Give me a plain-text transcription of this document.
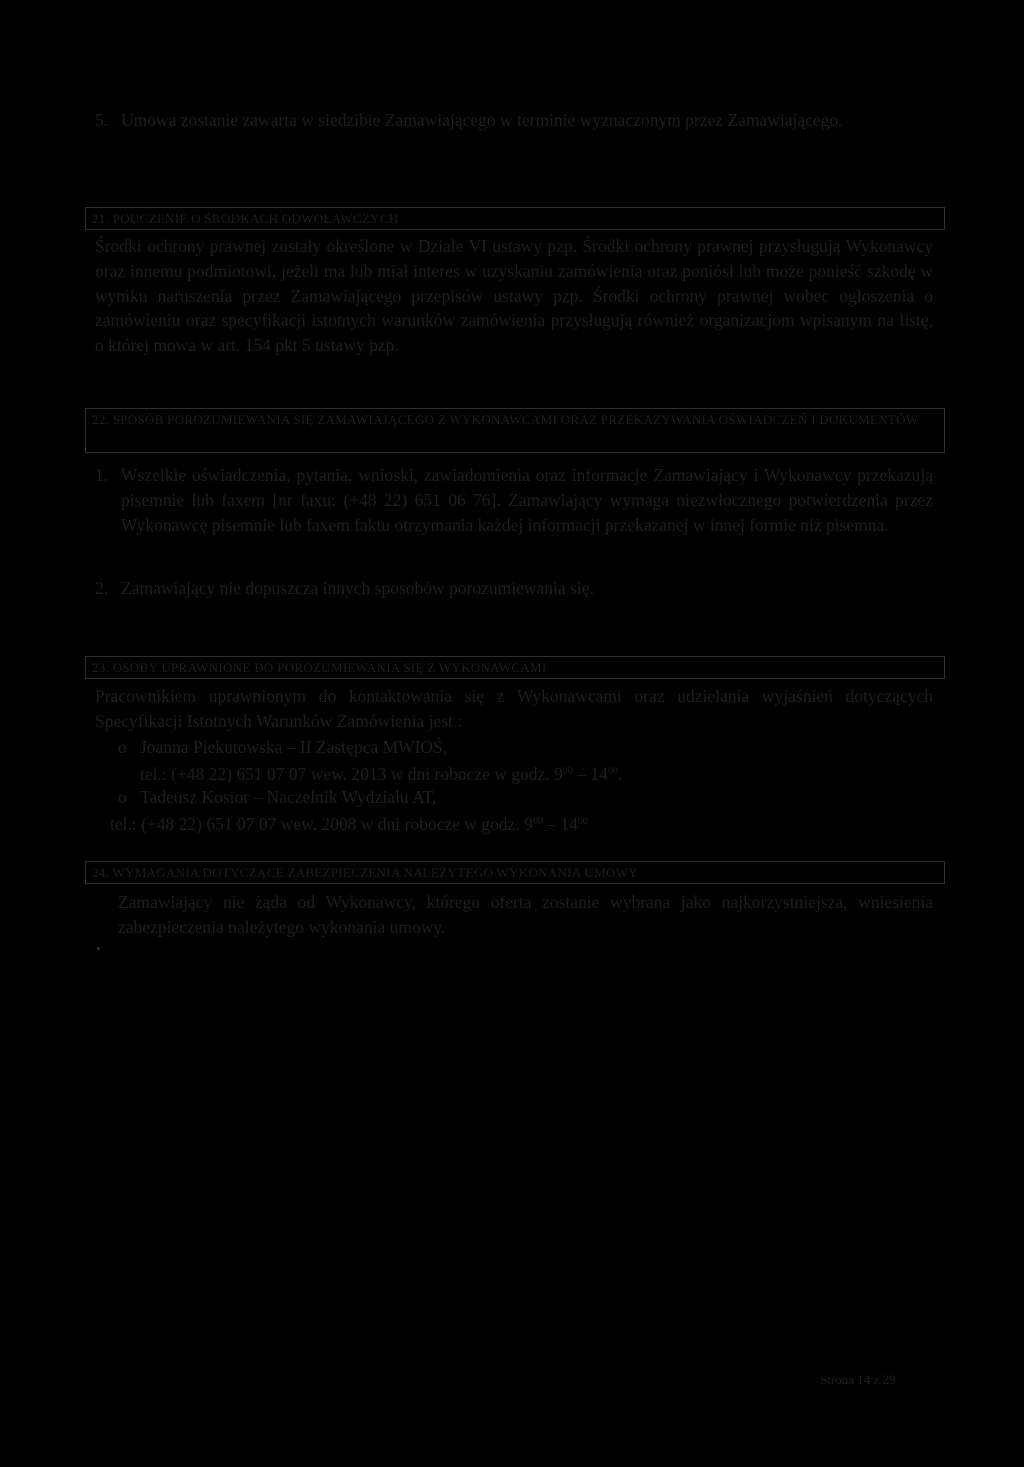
5. Umowa zostanie zawarta w siedzibie Zamawiającego w terminie wyznaczonym przez Zamawiającego.
21. POUCZENIE O ŚRODKACH ODWOŁAWCZYCH
Środki ochrony prawnej zostały określone w Dziale VI ustawy pzp. Środki ochrony prawnej przysługują Wykonawcy oraz innemu podmiotowi, jeżeli ma lub miał interes w uzyskaniu zamówienia oraz poniósł lub może ponieść szkodę w wyniku naruszenia przez Zamawiającego przepisów ustawy pzp. Środki ochrony prawnej wobec ogłoszenia o zamówieniu oraz specyfikacji istotnych warunków zamówienia przysługują również organizacjom wpisanym na listę, o której mowa w art. 154 pkt 5 ustawy pzp.
22. SPOSÓB POROZUMIEWANIA SIĘ ZAMAWIAJĄCEGO Z WYKONAWCAMI ORAZ PRZEKAZYWANIA OŚWIADCZEŃ I DOKUMENTÓW
1. Wszelkie oświadczenia, pytania, wnioski, zawiadomienia oraz informacje Zamawiający i Wykonawcy przekazują pisemnie lub faxem [nr faxu: (+48 22) 651 06 76]. Zamawiający wymaga niezwłocznego potwierdzenia przez Wykonawcę pisemnie lub faxem faktu otrzymania każdej informacji przekazanej w innej formie niż pisemna.
2. Zamawiający nie dopuszcza innych sposobów porozumiewania się.
23. OSOBY UPRAWNIONE DO POROZUMIEWANIA SIĘ Z WYKONAWCAMI
Pracownikiem uprawnionym do kontaktowania się z Wykonawcami oraz udzielania wyjaśnień dotyczących Specyfikacji Istotnych Warunków Zamówienia jest :
o Joanna Piekutowska – II Zastępca MWIOŚ,
tel.: (+48 22) 651 07 07 wew. 2013 w dni robocze w godz. $9^{00} - 14^{00}$.
o Tadeusz Kosior – Naczelnik Wydziału AT,
tel.: (+48 22) 651 07 07 wew. 2008 w dni robocze w godz. $9^{00} - 14^{00}$
24. WYMAGANIA DOTYCZĄCE ZABEZPIECZENIA NALEŻYTEGO WYKONANIA UMOWY
Zamawiający nie żąda od Wykonawcy, którego oferta zostanie wybrana jako najkorzystniejsza, wniesienia zabezpieczenia należytego wykonania umowy.
Strona 14 z 29
